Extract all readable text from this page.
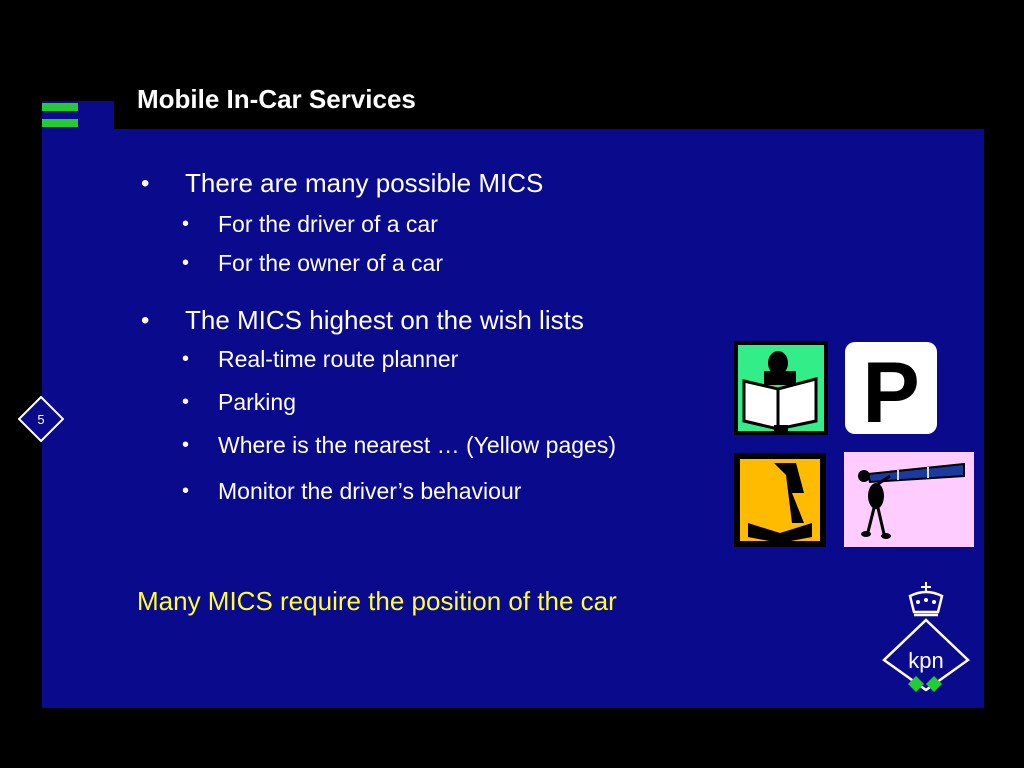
Mobile In-Car Services
• There are many possible MICS
• For the driver of a car
• For the owner of a car
• The MICS highest on the wish lists
• Real-time route planner
• Parking
• Where is the nearest … (Yellow pages)
• Monitor the driver’s behaviour
Many MICS require the position of the car
5	P
kpn
